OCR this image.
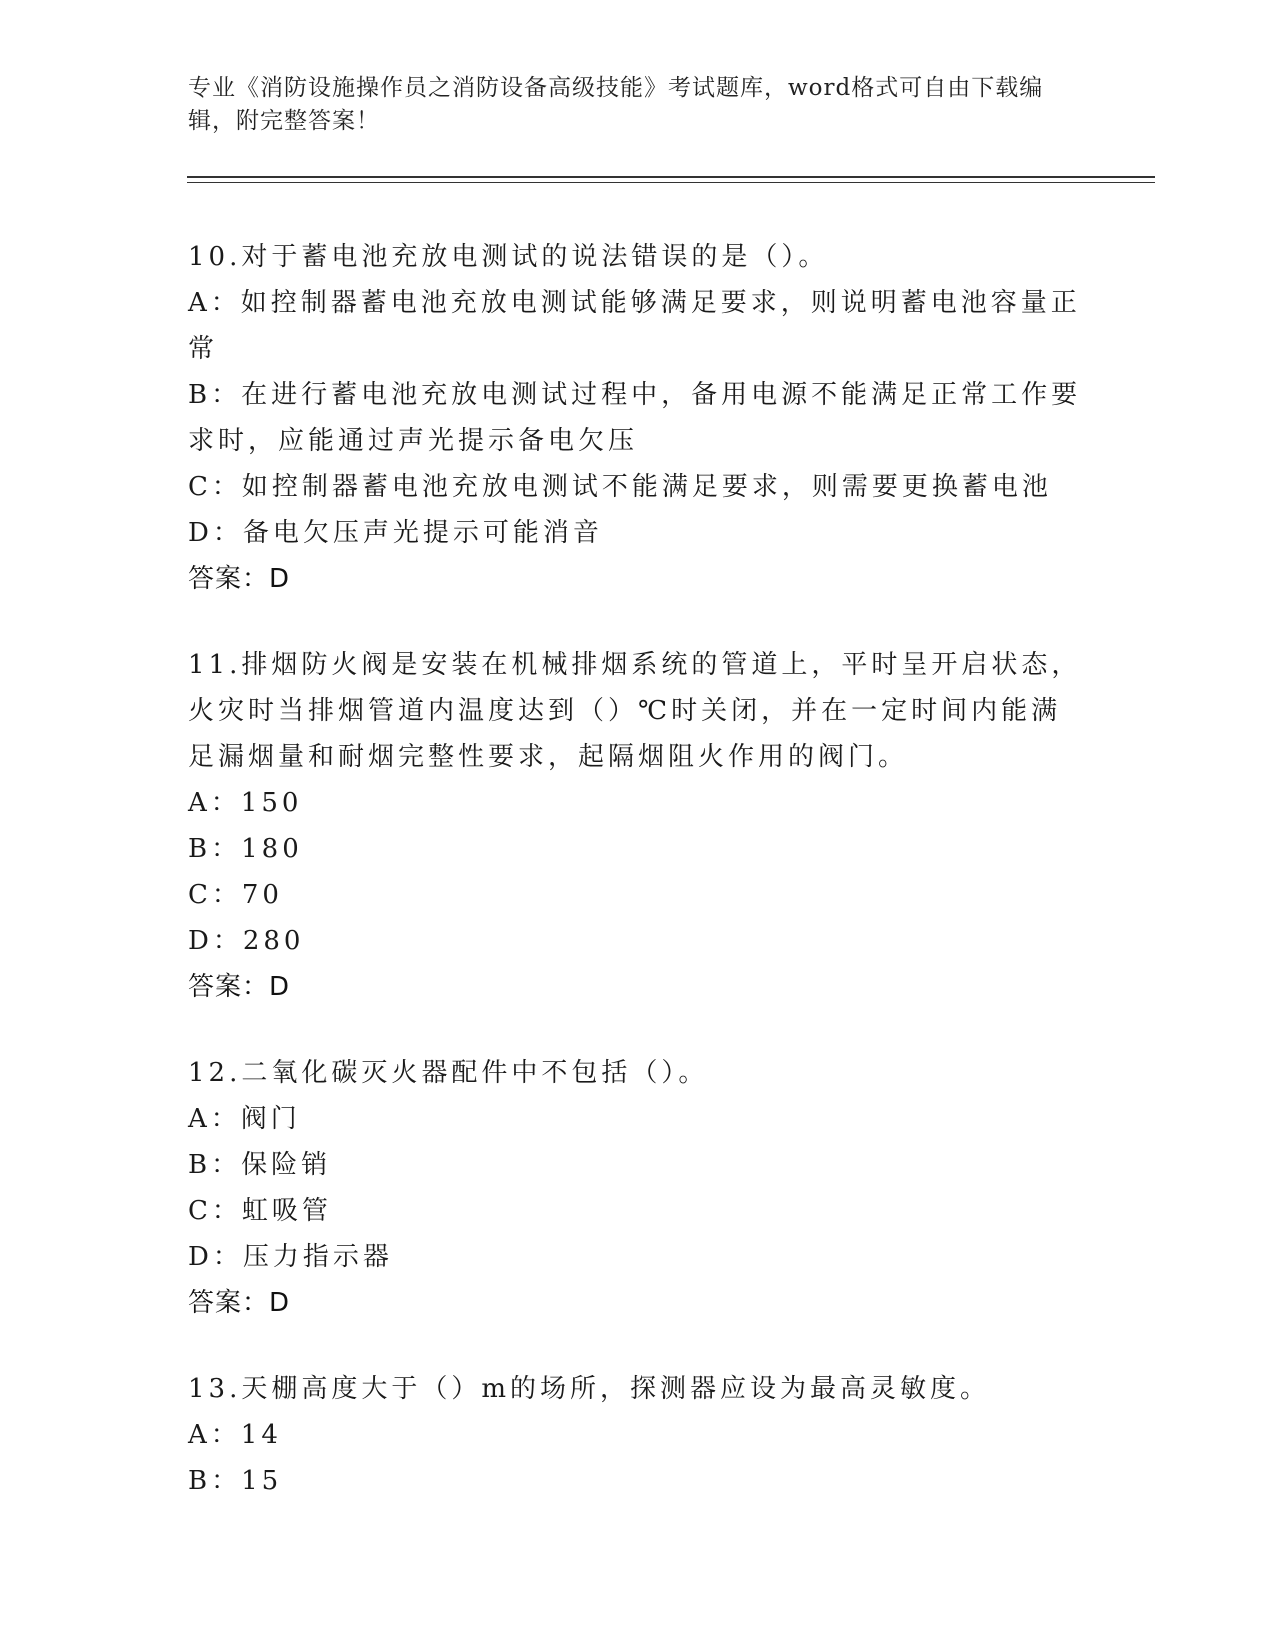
专业《消防设施操作员之消防设备高级技能》考试题库，word格式可自由下载编辑，附完整答案！
10.对于蓄电池充放电测试的说法错误的是（）。
A：如控制器蓄电池充放电测试能够满足要求，则说明蓄电池容量正常
B：在进行蓄电池充放电测试过程中，备用电源不能满足正常工作要求时，应能通过声光提示备电欠压
C：如控制器蓄电池充放电测试不能满足要求，则需要更换蓄电池
D：备电欠压声光提示可能消音
答案：D
11.排烟防火阀是安装在机械排烟系统的管道上，平时呈开启状态，火灾时当排烟管道内温度达到（）℃时关闭，并在一定时间内能满足漏烟量和耐烟完整性要求，起隔烟阻火作用的阀门。
A：150
B：180
C：70
D：280
答案：D
12.二氧化碳灭火器配件中不包括（）。
A：阀门
B：保险销
C：虹吸管
D：压力指示器
答案：D
13.天棚高度大于（）m的场所，探测器应设为最高灵敏度。
A：14
B：15
